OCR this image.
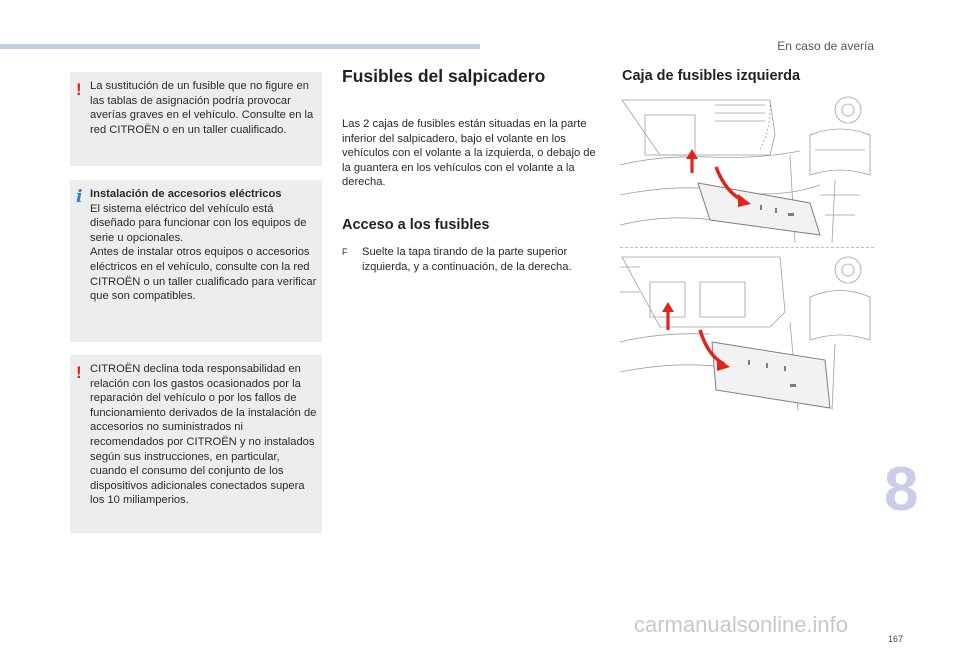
En caso de avería
! La sustitución de un fusible que no figure en las tablas de asignación podría provocar averías graves en el vehículo. Consulte en la red CITROËN o en un taller cualificado.

i Instalación de accesorios eléctricos

El sistema eléctrico del vehículo está diseñado para funcionar con los equipos de serie u opcionales.

Antes de instalar otros equipos o accesorios eléctricos en el vehículo, consulte con la red CITROËN o un taller cualificado para verificar que son compatibles.

! CITROËN declina toda responsabilidad en relación con los gastos ocasionados por la reparación del vehículo o por los fallos de funcionamiento derivados de la instalación de accesorios no suministrados ni recomendados por CITROËN y no instalados según sus instrucciones, en particular, cuando el consumo del conjunto de los dispositivos adicionales conectados supera los 10 miliamperios.

Fusibles del salpicadero

Las 2 cajas de fusibles están situadas en la parte inferior del salpicadero, bajo el volante en los vehículos con el volante a la izquierda, o debajo de la guantera en los vehículos con el volante a la derecha.

Acceso a los fusibles
F Suelte la tapa tirando de la parte superior izquierda, y a continuación, de la derecha.
Caja de fusibles izquierda
8
167
carmanualsonline.info
